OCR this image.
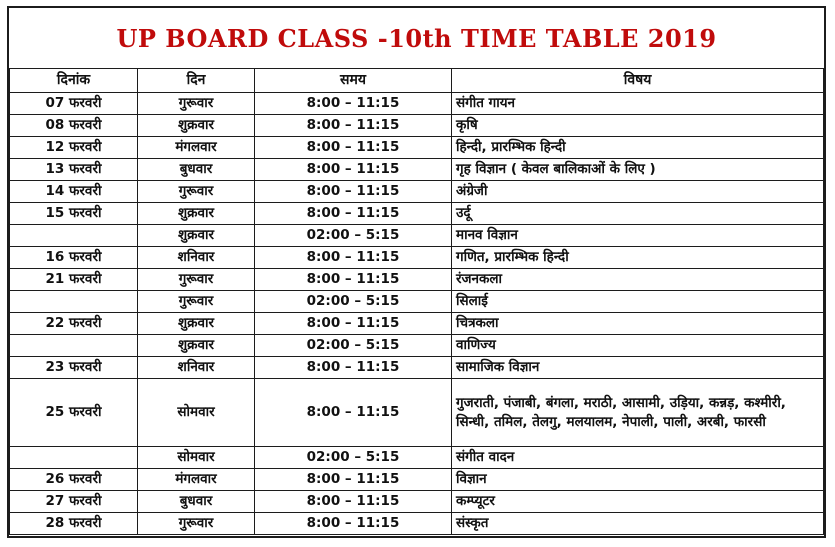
UP BOARD CLASS -10th TIME TABLE 2019
दिनांक	दिन	समय	विषय
07 फरवरी	गुरूवार	8:00 – 11:15	संगीत गायन
08 फरवरी	शुक्रवार	8:00 – 11:15	कृषि
12 फरवरी	मंगलवार	8:00 – 11:15	हिन्दी, प्रारम्भिक हिन्दी
13 फरवरी	बुधवार	8:00 – 11:15	गृह विज्ञान ( केवल बालिकाओं के लिए )
14 फरवरी	गुरूवार	8:00 – 11:15	अंग्रेजी
15 फरवरी	शुक्रवार	8:00 – 11:15	उर्दू
	शुक्रवार	02:00 – 5:15	मानव विज्ञान
16 फरवरी	शनिवार	8:00 – 11:15	गणित, प्रारम्भिक हिन्दी
21 फरवरी	गुरूवार	8:00 – 11:15	रंजनकला
	गुरूवार	02:00 – 5:15	सिलाई
22 फरवरी	शुक्रवार	8:00 – 11:15	चित्रकला
	शुक्रवार	02:00 – 5:15	वाणिज्य
23 फरवरी	शनिवार	8:00 – 11:15	सामाजिक विज्ञान
25 फरवरी	सोमवार	8:00 – 11:15	गुजराती, पंजाबी, बंगला, मराठी, आसामी, उड़िया, कन्नड़, कश्मीरी, सिन्धी, तमिल, तेलगु, मलयालम, नेपाली, पाली, अरबी, फारसी
	सोमवार	02:00 – 5:15	संगीत वादन
26 फरवरी	मंगलवार	8:00 – 11:15	विज्ञान
27 फरवरी	बुधवार	8:00 – 11:15	कम्प्यूटर
28 फरवरी	गुरूवार	8:00 – 11:15	संस्कृत
